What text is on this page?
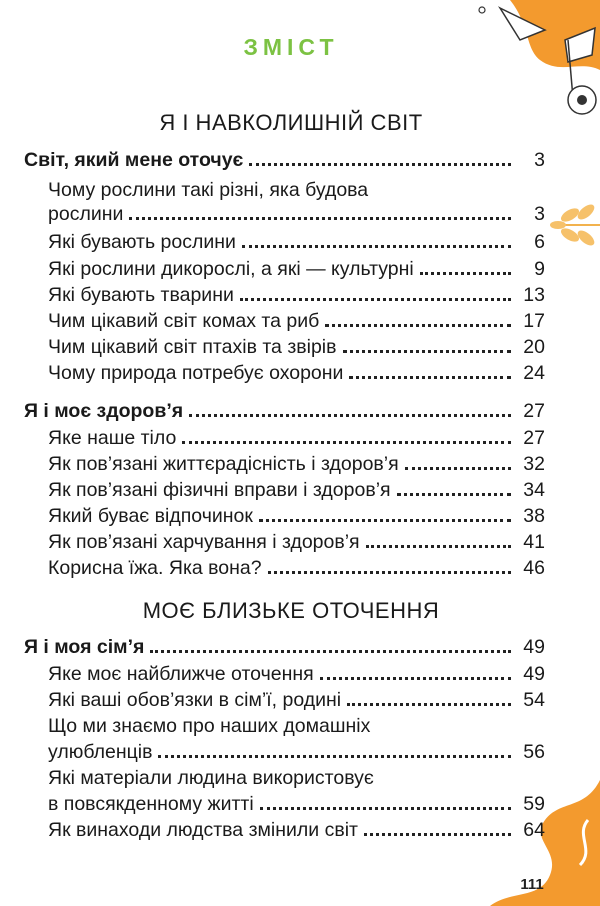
ЗМІСТ
Я І НАВКОЛИШНІЙ СВІТ
Світ, який мене оточує	3
Чому рослини такі різні, яка будова
рослини	3
Які бувають рослини	6
Які рослини дикорослі, а які — культурні	9
Які бувають тварини	13
Чим цікавий світ комах та риб	17
Чим цікавий світ птахів та звірів	20
Чому природа потребує охорони	24
Я і моє здоров’я	27
Яке наше тіло	27
Як пов’язані життєрадісність і здоров’я	32
Як пов’язані фізичні вправи і здоров’я	34
Який буває відпочинок	38
Як пов’язані харчування і здоров’я	41
Корисна їжа. Яка вона?	46
МОЄ БЛИЗЬКЕ ОТОЧЕННЯ
Я і моя сім’я	49
Яке моє найближче оточення	49
Які ваші обов’язки в сім’ї, родині	54
Що ми знаємо про наших домашніх
улюбленців	56
Які матеріали людина використовує
в повсякденному житті	59
Як винаходи людства змінили світ	64
111
